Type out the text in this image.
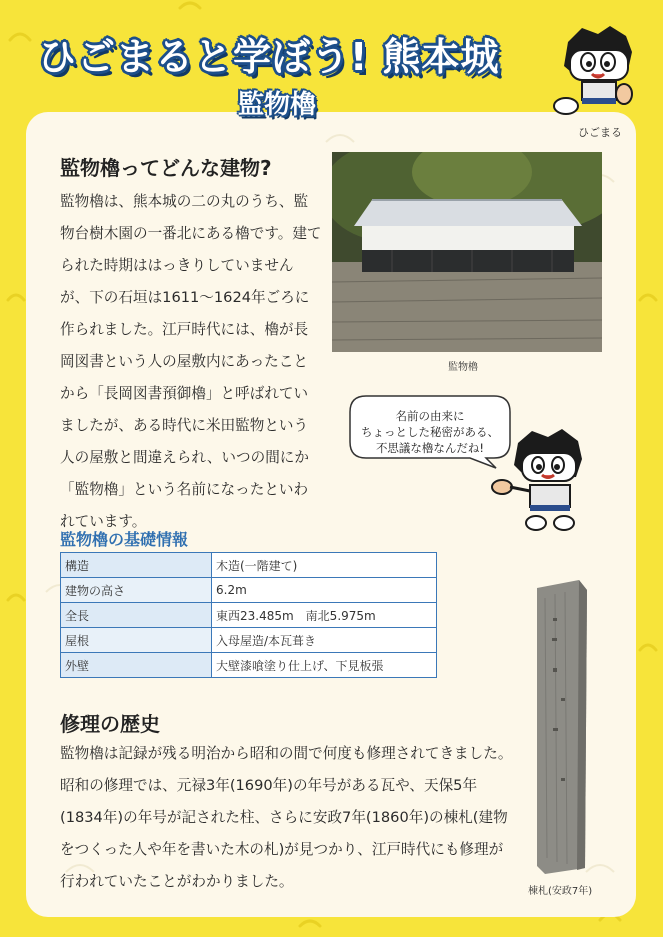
ひごまると学ぼう! 熊本城
監物櫓
ひごまる
監物櫓ってどんな建物?
監物櫓は、熊本城の二の丸のうち、監物台樹木園の一番北にある櫓です。建てられた時期ははっきりしていませんが、下の石垣は1611～1624年ごろに作られました。江戸時代には、櫓が長岡図書という人の屋敷内にあったことから「長岡図書預御櫓」と呼ばれていましたが、ある時代に米田監物という人の屋敷と間違えられ、いつの間にか「監物櫓」という名前になったといわれています。
監物櫓
名前の由来に
ちょっとした秘密がある、
不思議な櫓なんだね!
監物櫓の基礎情報
構造	木造(一階建て)
建物の高さ	6.2m
全長	東西23.485m　南北5.975m
屋根	入母屋造/本瓦葺き
外壁	大壁漆喰塗り仕上げ、下見板張
棟札(安政7年)
修理の歴史
監物櫓は記録が残る明治から昭和の間で何度も修理されてきました。昭和の修理では、元禄3年(1690年)の年号がある瓦や、天保5年(1834年)の年号が記された柱、さらに安政7年(1860年)の棟札(建物をつくった人や年を書いた木の札)が見つかり、江戸時代にも修理が行われていたことがわかりました。
